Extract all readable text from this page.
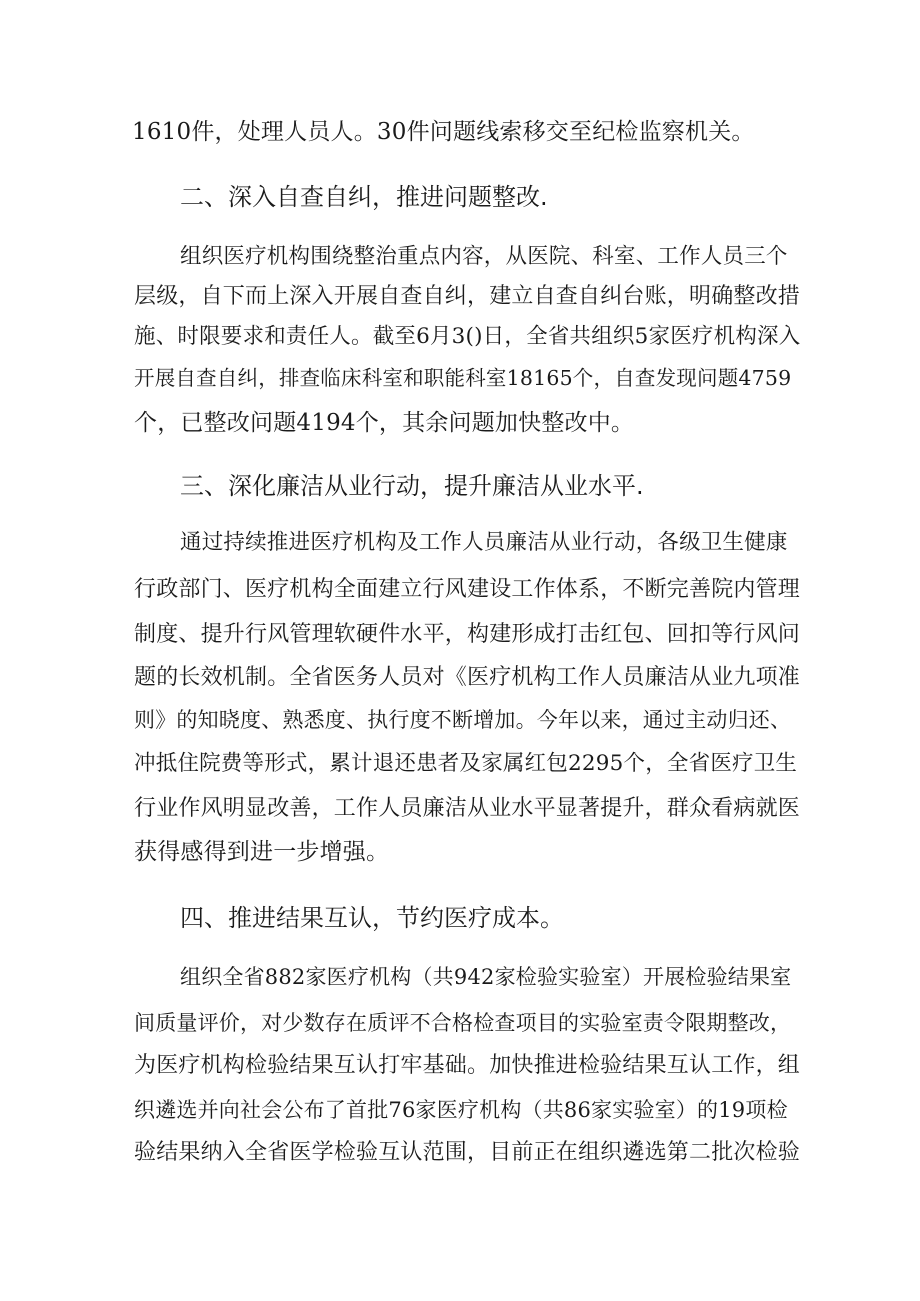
1610件，处理人员人。30件问题线索移交至纪检监察机关。
二、深入自查自纠，推进问题整改.
组织医疗机构围绕整治重点内容，从医院、科室、工作人员三个
层级，自下而上深入开展自查自纠，建立自查自纠台账，明确整改措
施、时限要求和责任人。截至6月3()日，全省共组织5家医疗机构深入
开展自查自纠，排查临床科室和职能科室18165个，自查发现问题4759
个，已整改问题4194个，其余问题加快整改中。
三、深化廉洁从业行动，提升廉洁从业水平.
通过持续推进医疗机构及工作人员廉洁从业行动，各级卫生健康
行政部门、医疗机构全面建立行风建设工作体系，不断完善院内管理
制度、提升行风管理软硬件水平，构建形成打击红包、回扣等行风问
题的长效机制。全省医务人员对《医疗机构工作人员廉洁从业九项准
则》的知晓度、熟悉度、执行度不断增加。今年以来，通过主动归还、
冲抵住院费等形式，累计退还患者及家属红包2295个，全省医疗卫生
行业作风明显改善，工作人员廉洁从业水平显著提升，群众看病就医
获得感得到进一步增强。
四、推进结果互认，节约医疗成本。
组织全省882家医疗机构（共942家检验实验室）开展检验结果室
间质量评价，对少数存在质评不合格检查项目的实验室责令限期整改，
为医疗机构检验结果互认打牢基础。加快推进检验结果互认工作，组
织遴选并向社会公布了首批76家医疗机构（共86家实验室）的19项检
验结果纳入全省医学检验互认范围，目前正在组织遴选第二批次检验
